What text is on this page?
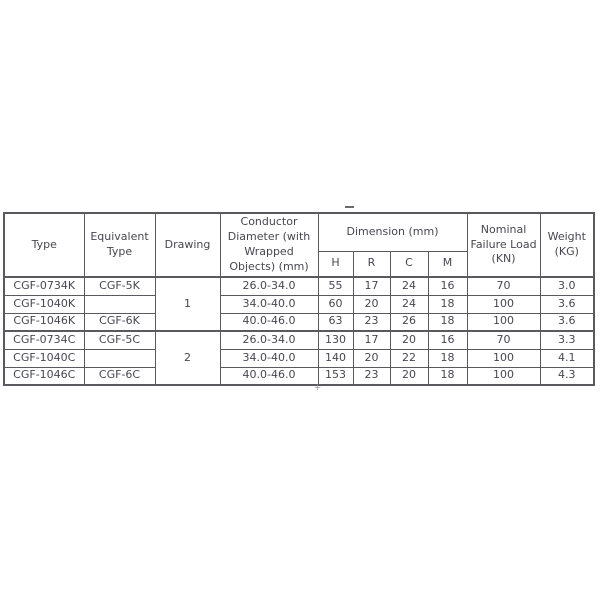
Type	Equivalent Type	Drawing	Conductor Diameter (with Wrapped Objects) (mm)	Dimension (mm)				Nominal Failure Load (KN)	Weight (KG)
				H	R	C	M		
CGF-0734K	CGF-5K	1	26.0-34.0	55	17	24	16	70	3.0
CGF-1040K			34.0-40.0	60	20	24	18	100	3.6
CGF-1046K	CGF-6K		40.0-46.0	63	23	26	18	100	3.6
CGF-0734C	CGF-5C	2	26.0-34.0	130	17	20	16	70	3.3
CGF-1040C			34.0-40.0	140	20	22	18	100	4.1
CGF-1046C	CGF-6C		40.0-46.0	153	23	20	18	100	4.3
+
